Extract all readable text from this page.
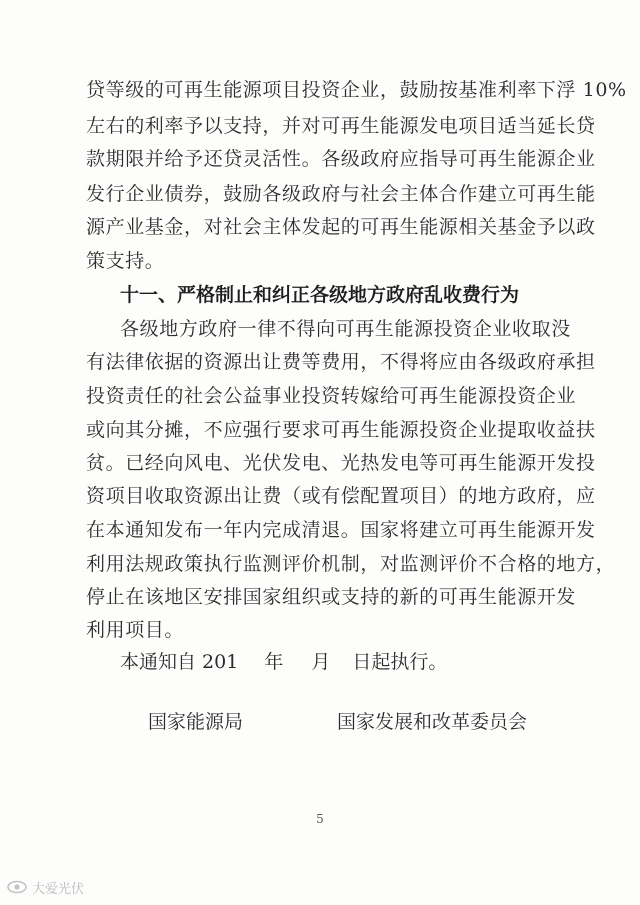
贷等级的可再生能源项目投资企业，鼓励按基准利率下浮 10%
左右的利率予以支持，并对可再生能源发电项目适当延长贷
款期限并给予还贷灵活性。各级政府应指导可再生能源企业
发行企业债券，鼓励各级政府与社会主体合作建立可再生能
源产业基金，对社会主体发起的可再生能源相关基金予以政
策支持。
十一、严格制止和纠正各级地方政府乱收费行为
各级地方政府一律不得向可再生能源投资企业收取没
有法律依据的资源出让费等费用，不得将应由各级政府承担
投资责任的社会公益事业投资转嫁给可再生能源投资企业
或向其分摊，不应强行要求可再生能源投资企业提取收益扶
贫。已经向风电、光伏发电、光热发电等可再生能源开发投
资项目收取资源出让费（或有偿配置项目）的地方政府，应
在本通知发布一年内完成清退。国家将建立可再生能源开发
利用法规政策执行监测评价机制，对监测评价不合格的地方，
停止在该地区安排国家组织或支持的新的可再生能源开发
利用项目。
本通知自 201 年 月 日起执行。
国家能源局	国家发展和改革委员会
5
大爱光伏
